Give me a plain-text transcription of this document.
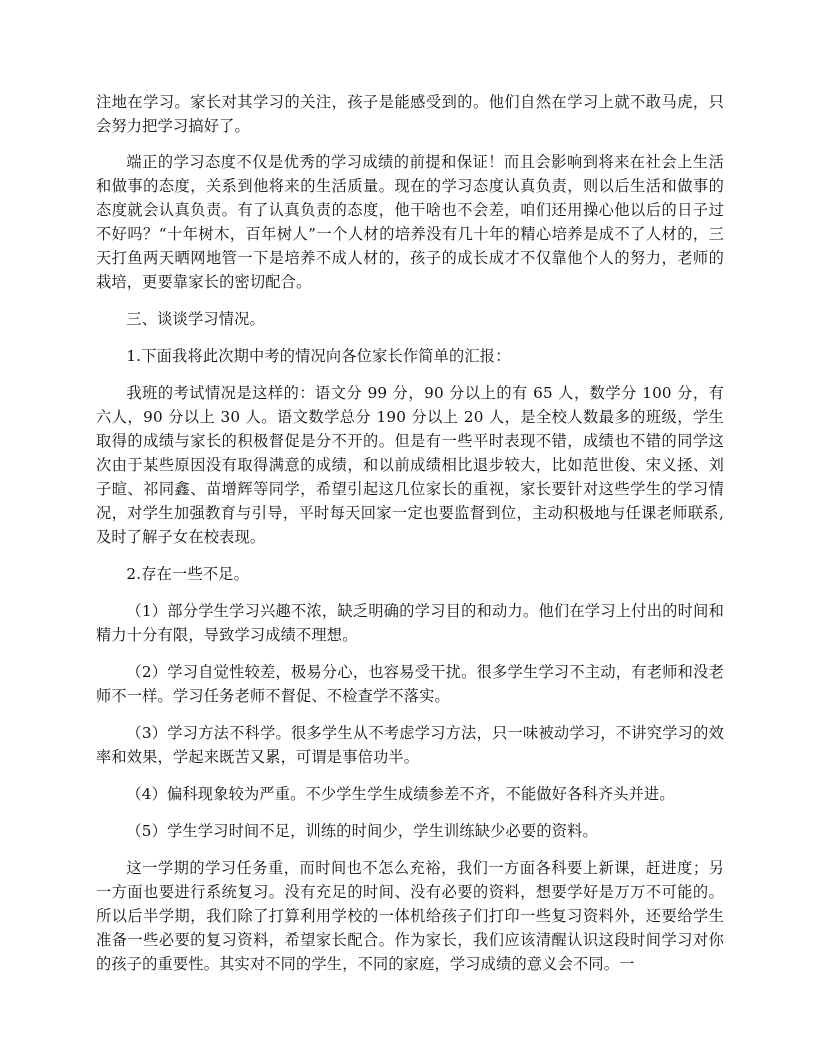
注地在学习。家长对其学习的关注，孩子是能感受到的。他们自然在学习上就不敢马虎，只会努力把学习搞好了。

端正的学习态度不仅是优秀的学习成绩的前提和保证！而且会影响到将来在社会上生活和做事的态度，关系到他将来的生活质量。现在的学习态度认真负责，则以后生活和做事的态度就会认真负责。有了认真负责的态度，他干啥也不会差，咱们还用操心他以后的日子过不好吗？“十年树木，百年树人”一个人材的培养没有几十年的精心培养是成不了人材的，三天打鱼两天晒网地管一下是培养不成人材的，孩子的成长成才不仅靠他个人的努力，老师的栽培，更要靠家长的密切配合。

三、谈谈学习情况。

1.下面我将此次期中考的情况向各位家长作简单的汇报：

我班的考试情况是这样的：语文分 99 分，90 分以上的有 65 人，数学分 100 分，有六人，90 分以上 30 人。语文数学总分 190 分以上 20 人，是全校人数最多的班级，学生取得的成绩与家长的积极督促是分不开的。但是有一些平时表现不错，成绩也不错的同学这次由于某些原因没有取得满意的成绩，和以前成绩相比退步较大，比如范世俊、宋义拯、刘子暄、祁同鑫、苗增辉等同学，希望引起这几位家长的重视，家长要针对这些学生的学习情况，对学生加强教育与引导，平时每天回家一定也要监督到位，主动积极地与任课老师联系,及时了解子女在校表现。

2.存在一些不足。

（1）部分学生学习兴趣不浓，缺乏明确的学习目的和动力。他们在学习上付出的时间和精力十分有限，导致学习成绩不理想。

（2）学习自觉性较差，极易分心，也容易受干扰。很多学生学习不主动，有老师和没老师不一样。学习任务老师不督促、不检查学不落实。

（3）学习方法不科学。很多学生从不考虑学习方法，只一味被动学习，不讲究学习的效率和效果，学起来既苦又累，可谓是事倍功半。

（4）偏科现象较为严重。不少学生学生成绩参差不齐，不能做好各科齐头并进。

（5）学生学习时间不足，训练的时间少，学生训练缺少必要的资料。

这一学期的学习任务重，而时间也不怎么充裕，我们一方面各科要上新课，赶进度；另一方面也要进行系统复习。没有充足的时间、没有必要的资料，想要学好是万万不可能的。所以后半学期，我们除了打算利用学校的一体机给孩子们打印一些复习资料外，还要给学生准备一些必要的复习资料，希望家长配合。作为家长，我们应该清醒认识这段时间学习对你的孩子的重要性。其实对不同的学生，不同的家庭，学习成绩的意义会不同。一
